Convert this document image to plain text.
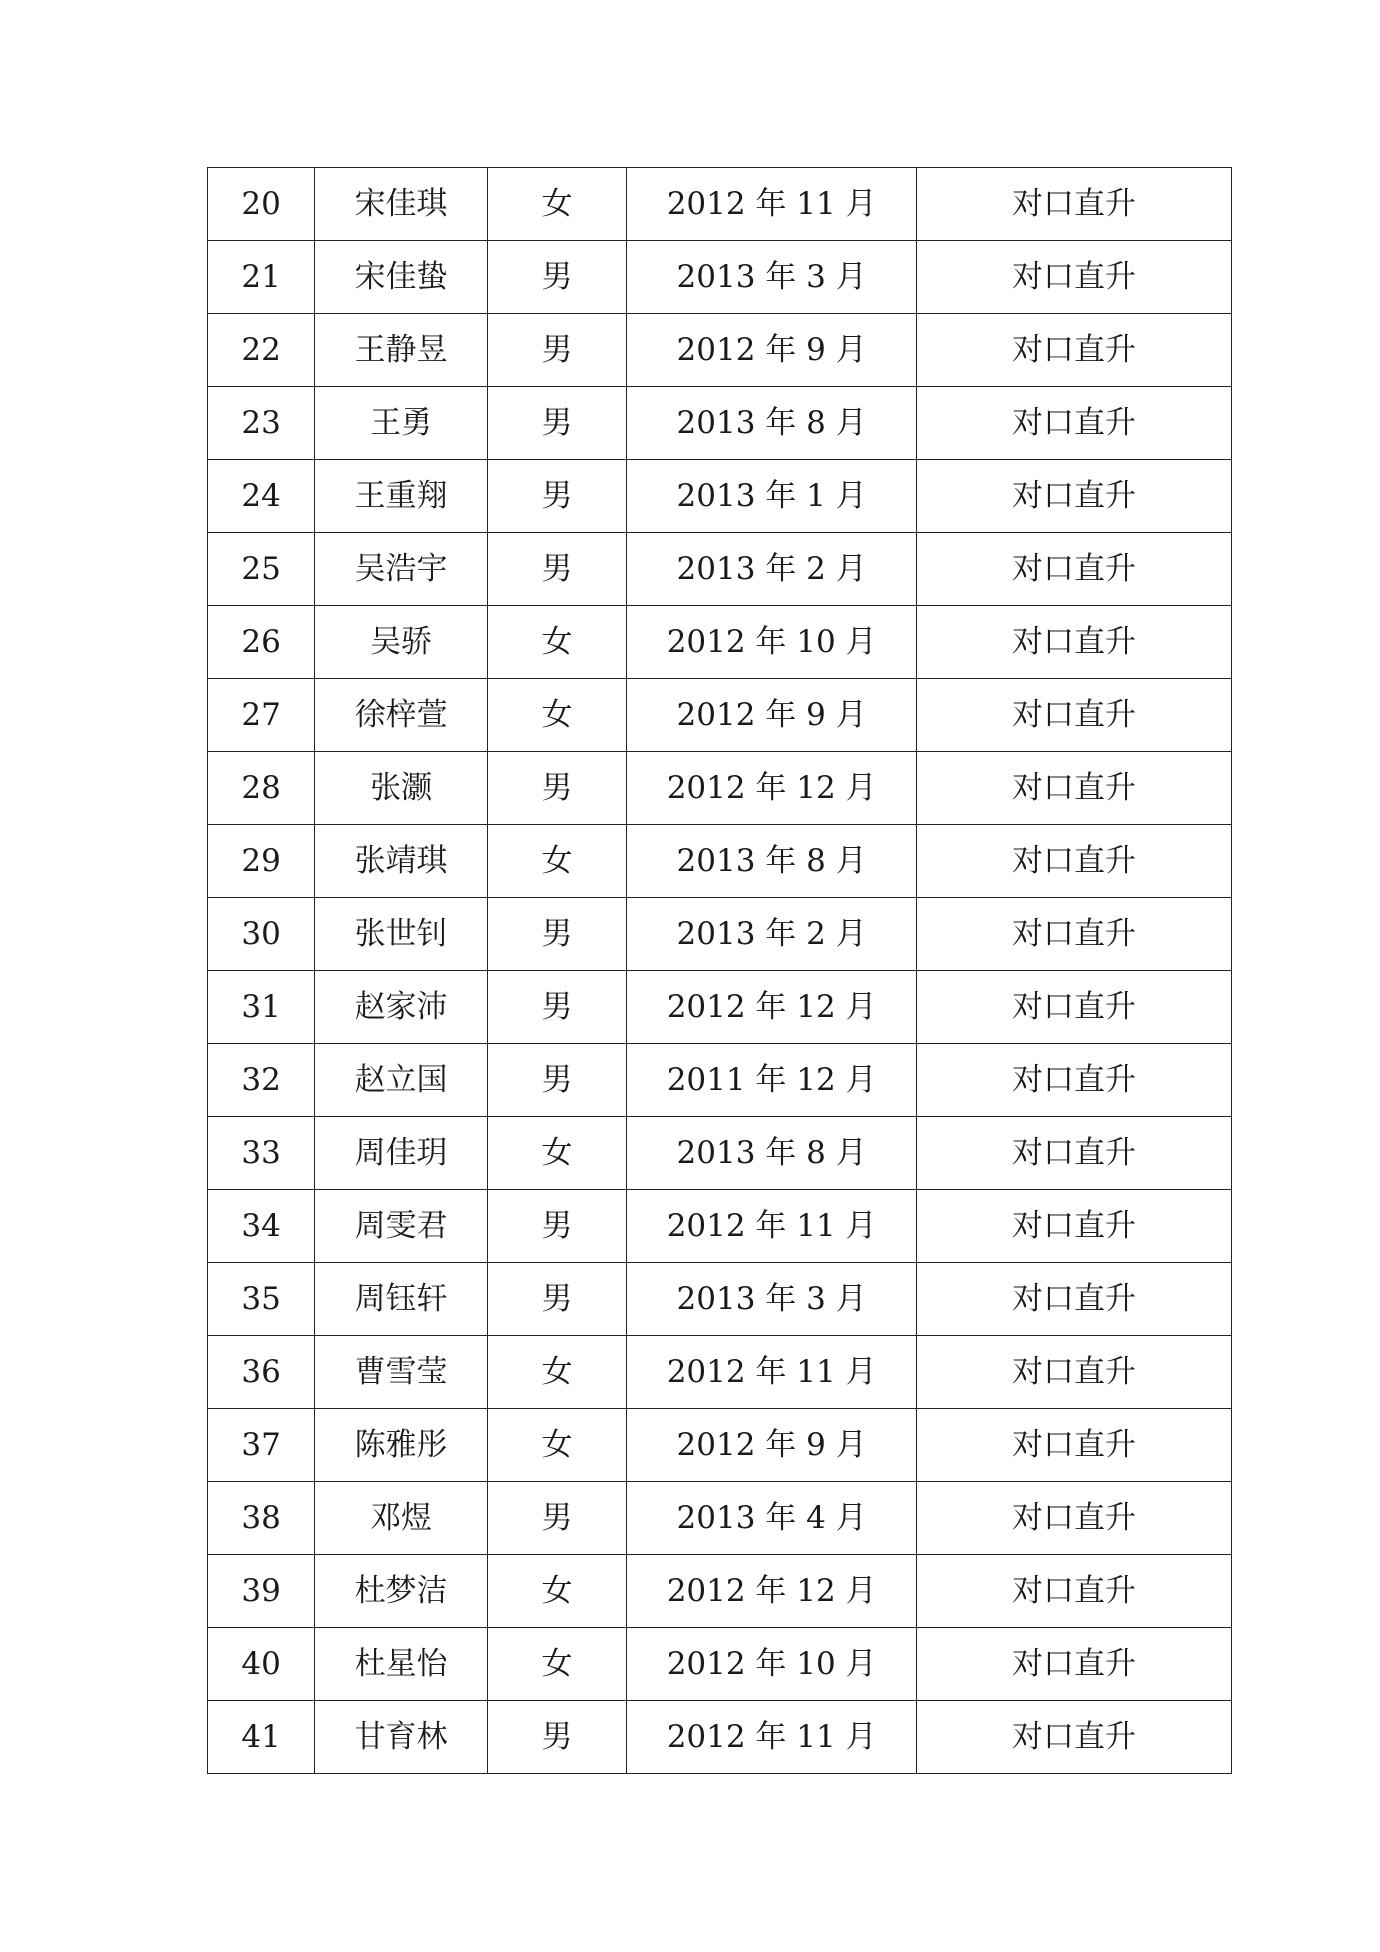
20	宋佳琪	女	2012 年 11 月	对口直升
21	宋佳蛰	男	2013 年 3 月	对口直升
22	王静昱	男	2012 年 9 月	对口直升
23	王勇	男	2013 年 8 月	对口直升
24	王重翔	男	2013 年 1 月	对口直升
25	吴浩宇	男	2013 年 2 月	对口直升
26	吴骄	女	2012 年 10 月	对口直升
27	徐梓萱	女	2012 年 9 月	对口直升
28	张灏	男	2012 年 12 月	对口直升
29	张靖琪	女	2013 年 8 月	对口直升
30	张世钊	男	2013 年 2 月	对口直升
31	赵家沛	男	2012 年 12 月	对口直升
32	赵立国	男	2011 年 12 月	对口直升
33	周佳玥	女	2013 年 8 月	对口直升
34	周雯君	男	2012 年 11 月	对口直升
35	周钰轩	男	2013 年 3 月	对口直升
36	曹雪莹	女	2012 年 11 月	对口直升
37	陈雅彤	女	2012 年 9 月	对口直升
38	邓煜	男	2013 年 4 月	对口直升
39	杜梦洁	女	2012 年 12 月	对口直升
40	杜星怡	女	2012 年 10 月	对口直升
41	甘育林	男	2012 年 11 月	对口直升
